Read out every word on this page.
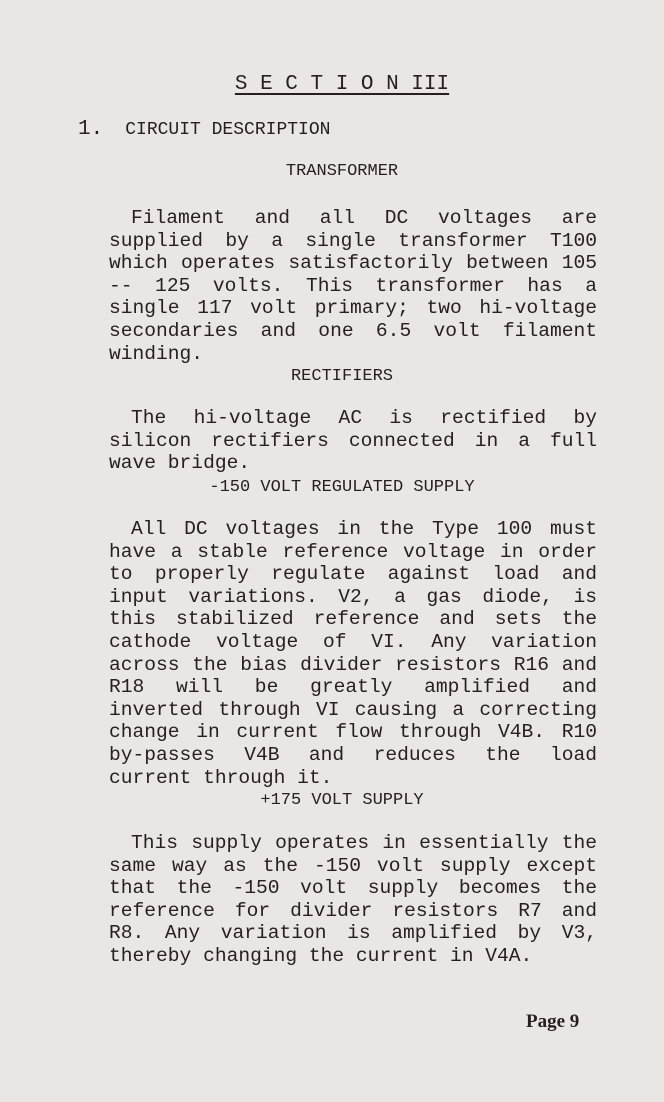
S E C T I O N III
1. CIRCUIT DESCRIPTION
TRANSFORMER

Filament and all DC voltages are supplied by a single transformer T100 which operates satisfactorily between 105 -- 125 volts. This transformer has a single 117 volt primary; two hi-voltage secondaries and one 6.5 volt filament winding.

RECTIFIERS

The hi-voltage AC is rectified by silicon rectifiers connected in a full wave bridge.

-150 VOLT REGULATED SUPPLY

All DC voltages in the Type 100 must have a stable reference voltage in order to properly regulate against load and input variations. V2, a gas diode, is this stabilized reference and sets the cathode voltage of VI. Any variation across the bias divider resistors R16 and R18 will be greatly amplified and inverted through VI causing a correcting change in current flow through V4B. R10 by-passes V4B and reduces the load current through it.

+175 VOLT SUPPLY

This supply operates in essentially the same way as the -150 volt supply except that the -150 volt supply becomes the reference for divider resistors R7 and R8. Any variation is amplified by V3, thereby changing the current in V4A.

Page 9
